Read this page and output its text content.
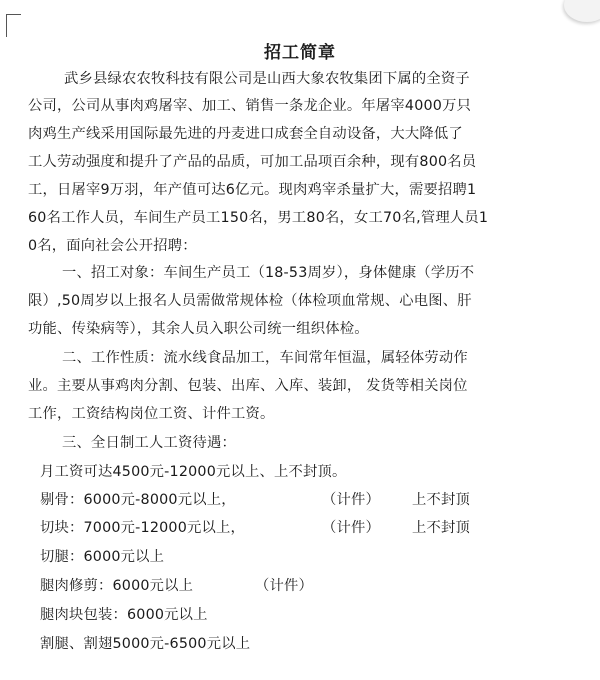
招工简章
武乡县绿农农牧科技有限公司是山西大象农牧集团下属的全资子
公司，公司从事肉鸡屠宰、加工、销售一条龙企业。年屠宰4000万只
肉鸡生产线采用国际最先进的丹麦进口成套全自动设备，大大降低了
工人劳动强度和提升了产品的品质，可加工品项百余种，现有800名员
工，日屠宰9万羽，年产值可达6亿元。现肉鸡宰杀量扩大，需要招聘1
60名工作人员，车间生产员工150名，男工80名，女工70名,管理人员1
0名，面向社会公开招聘：
一、招工对象：车间生产员工（18-53周岁），身体健康（学历不
限）,50周岁以上报名人员需做常规体检（体检项血常规、心电图、肝
功能、传染病等），其余人员入职公司统一组织体检。
二、工作性质：流水线食品加工，车间常年恒温，属轻体劳动作
业。主要从事鸡肉分割、包装、出库、入库、装卸， 发货等相关岗位
工作，工资结构岗位工资、计件工资。
三、全日制工人工资待遇：
月工资可达4500元-12000元以上、上不封顶。
剔骨：6000元-8000元以上，	（计件） 上不封顶
切块：7000元-12000元以上，	（计件） 上不封顶
切腿：6000元以上
腿肉修剪：6000元以上	（计件）
腿肉块包装：6000元以上
割腿、割翅5000元-6500元以上
